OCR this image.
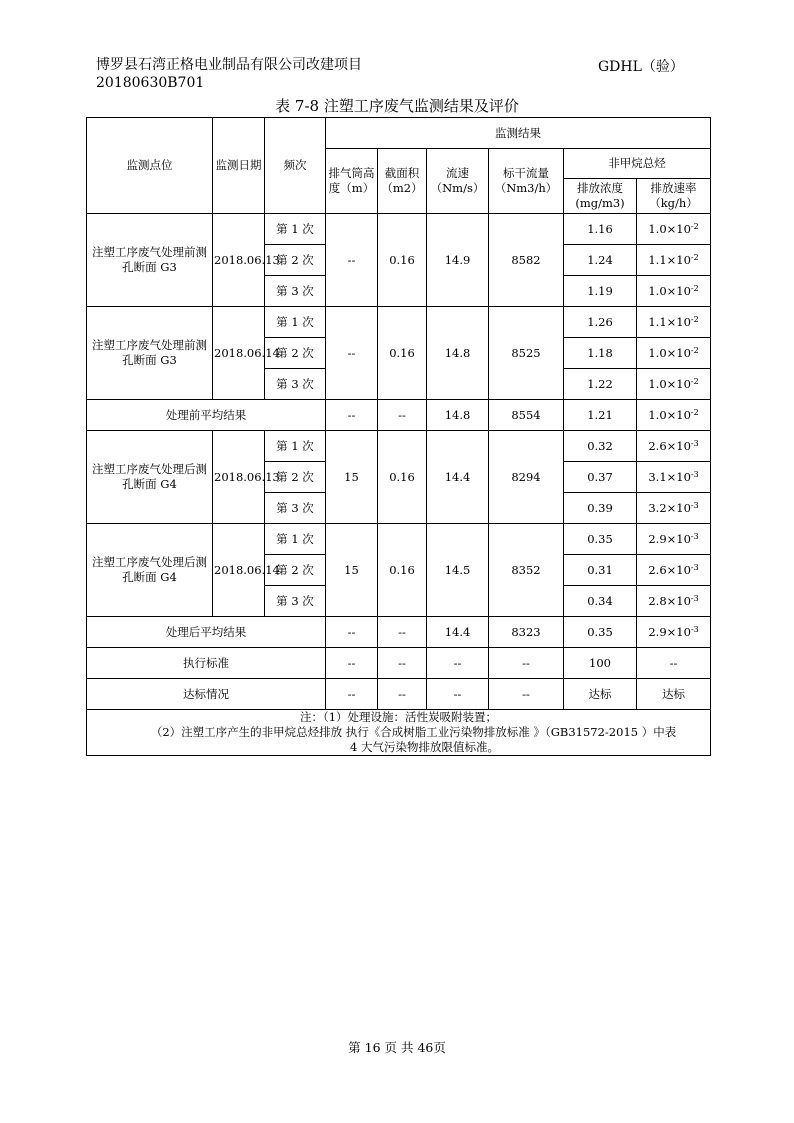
博罗县石湾正格电业制品有限公司改建项目
20180630B701
GDHL（验）
表 7-8 注塑工序废气监测结果及评价
监测点位	监测日期	频次	监测结果					
			排气筒高度（m）	截面积（m2）	流速（Nm/s）	标干流量（Nm3/h）	非甲烷总烃	
							排放浓度(mg/m3)	排放速率（kg/h）
注塑工序废气处理前测孔断面 G3	2018.06.13	第 1 次	--	0.16	14.9	8582	1.16	$1.0\times 10^{-2}$
		第 2 次					1.24	$1.1\times 10^{-2}$
		第 3 次					1.19	$1.0\times 10^{-2}$
注塑工序废气处理前测孔断面 G3	2018.06.14	第 1 次	--	0.16	14.8	8525	1.26	$1.1\times 10^{-2}$
		第 2 次					1.18	$1.0\times 10^{-2}$
		第 3 次					1.22	$1.0\times 10^{-2}$
处理前平均结果			--	--	14.8	8554	1.21	$1.0\times 10^{-2}$
注塑工序废气处理后测孔断面 G4	2018.06.13	第 1 次	15	0.16	14.4	8294	0.32	$2.6\times 10^{-3}$
		第 2 次					0.37	$3.1\times 10^{-3}$
		第 3 次					0.39	$3.2\times 10^{-3}$
注塑工序废气处理后测孔断面 G4	2018.06.14	第 1 次	15	0.16	14.5	8352	0.35	$2.9\times 10^{-3}$
		第 2 次					0.31	$2.6\times 10^{-3}$
		第 3 次					0.34	$2.8\times 10^{-3}$
处理后平均结果			--	--	14.4	8323	0.35	$2.9\times 10^{-3}$
执行标准			--	--	--	--	100	--
达标情况			--	--	--	--	达标	达标

注：（1）处理设施：活性炭吸附装置；
（2）注塑工序产生的非甲烷总烃排放 执行《合成树脂工业污染物排放标准 》（GB31572-2015 ）中表
4 大气污染物排放限值标准。								
第 16 页 共 46页
